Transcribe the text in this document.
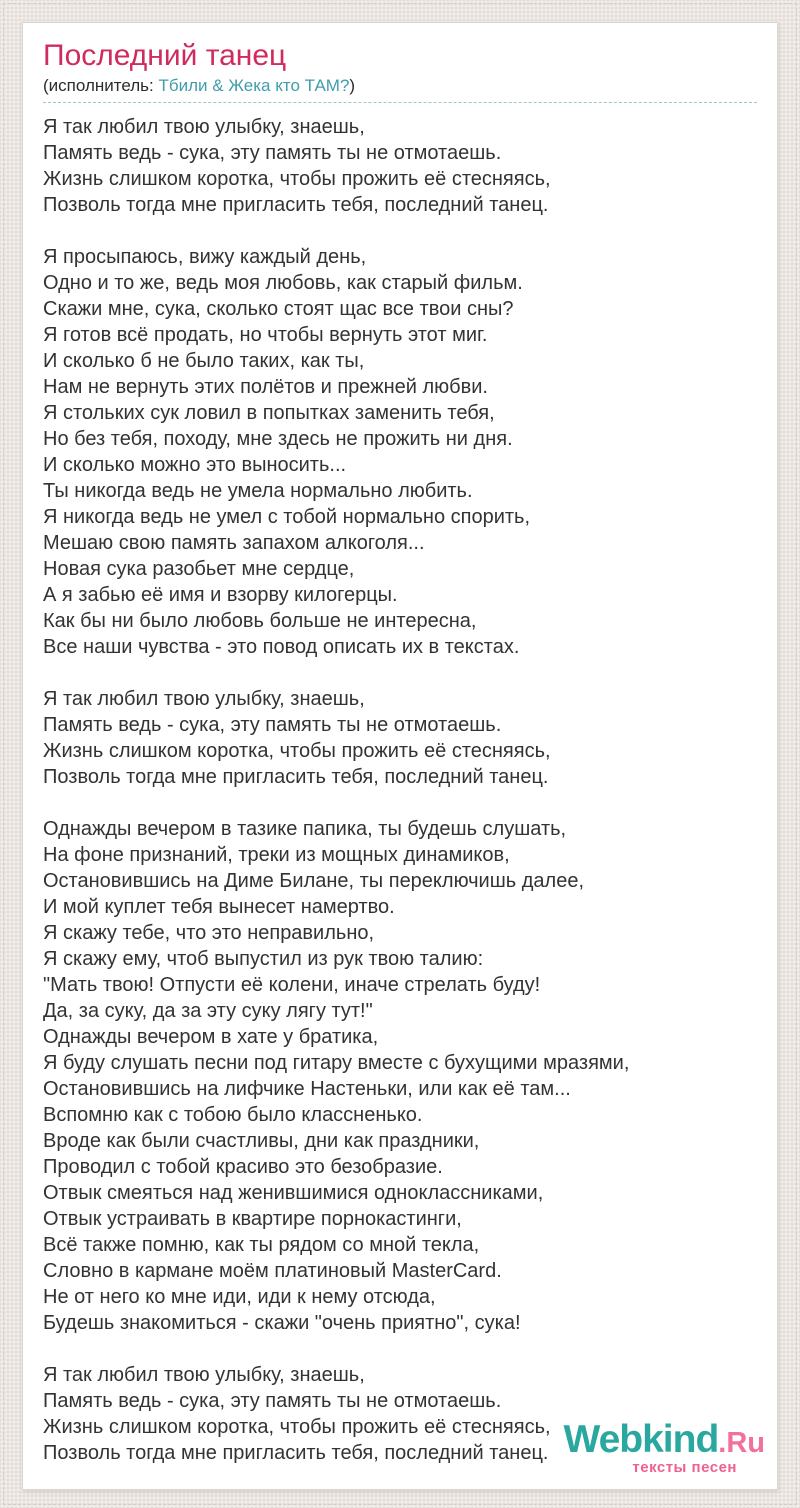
Последний танец
(исполнитель: Тбили & Жека кто ТАМ?)
Я так любил твою улыбку, знаешь,
Память ведь - сука, эту память ты не отмотаешь.
Жизнь слишком коротка, чтобы прожить её стесняясь,
Позволь тогда мне пригласить тебя, последний танец.
Я просыпаюсь, вижу каждый день,
Одно и то же, ведь моя любовь, как старый фильм.
Скажи мне, сука, сколько стоят щас все твои сны?
Я готов всё продать, но чтобы вернуть этот миг.
И сколько б не было таких, как ты,
Нам не вернуть этих полётов и прежней любви.
Я стольких сук ловил в попытках заменить тебя,
Но без тебя, походу, мне здесь не прожить ни дня.
И сколько можно это выносить...
Ты никогда ведь не умела нормально любить.
Я никогда ведь не умел с тобой нормально спорить,
Мешаю свою память запахом алкоголя...
Новая сука разобьет мне сердце,
А я забью её имя и взорву килогерцы.
Как бы ни было любовь больше не интересна,
Все наши чувства - это повод описать их в текстах.
Я так любил твою улыбку, знаешь,
Память ведь - сука, эту память ты не отмотаешь.
Жизнь слишком коротка, чтобы прожить её стесняясь,
Позволь тогда мне пригласить тебя, последний танец.
Однажды вечером в тазике папика, ты будешь слушать,
На фоне признаний, треки из мощных динамиков,
Остановившись на Диме Билане, ты переключишь далее,
И мой куплет тебя вынесет намертво.
Я скажу тебе, что это неправильно,
Я скажу ему, чтоб выпустил из рук твою талию:
"Мать твою! Отпусти её колени, иначе стрелать буду!
Да, за суку, да за эту суку лягу тут!"
Однажды вечером в хате у братика,
Я буду слушать песни под гитару вместе с бухущими мразями,
Остановившись на лифчике Настеньки, или как её там...
Вспомню как с тобою было классненько.
Вроде как были счастливы, дни как праздники,
Проводил с тобой красиво это безобразие.
Отвык смеяться над женившимися одноклассниками,
Отвык устраивать в квартире порнокастинги,
Всё также помню, как ты рядом со мной текла,
Словно в кармане моём платиновый MasterCard.
Не от него ко мне иди, иди к нему отсюда,
Будешь знакомиться - скажи "очень приятно", сука!
Я так любил твою улыбку, знаешь,
Память ведь - сука, эту память ты не отмотаешь.
Жизнь слишком коротка, чтобы прожить её стесняясь,
Позволь тогда мне пригласить тебя, последний танец. Webkind.Ru
тексты песен
